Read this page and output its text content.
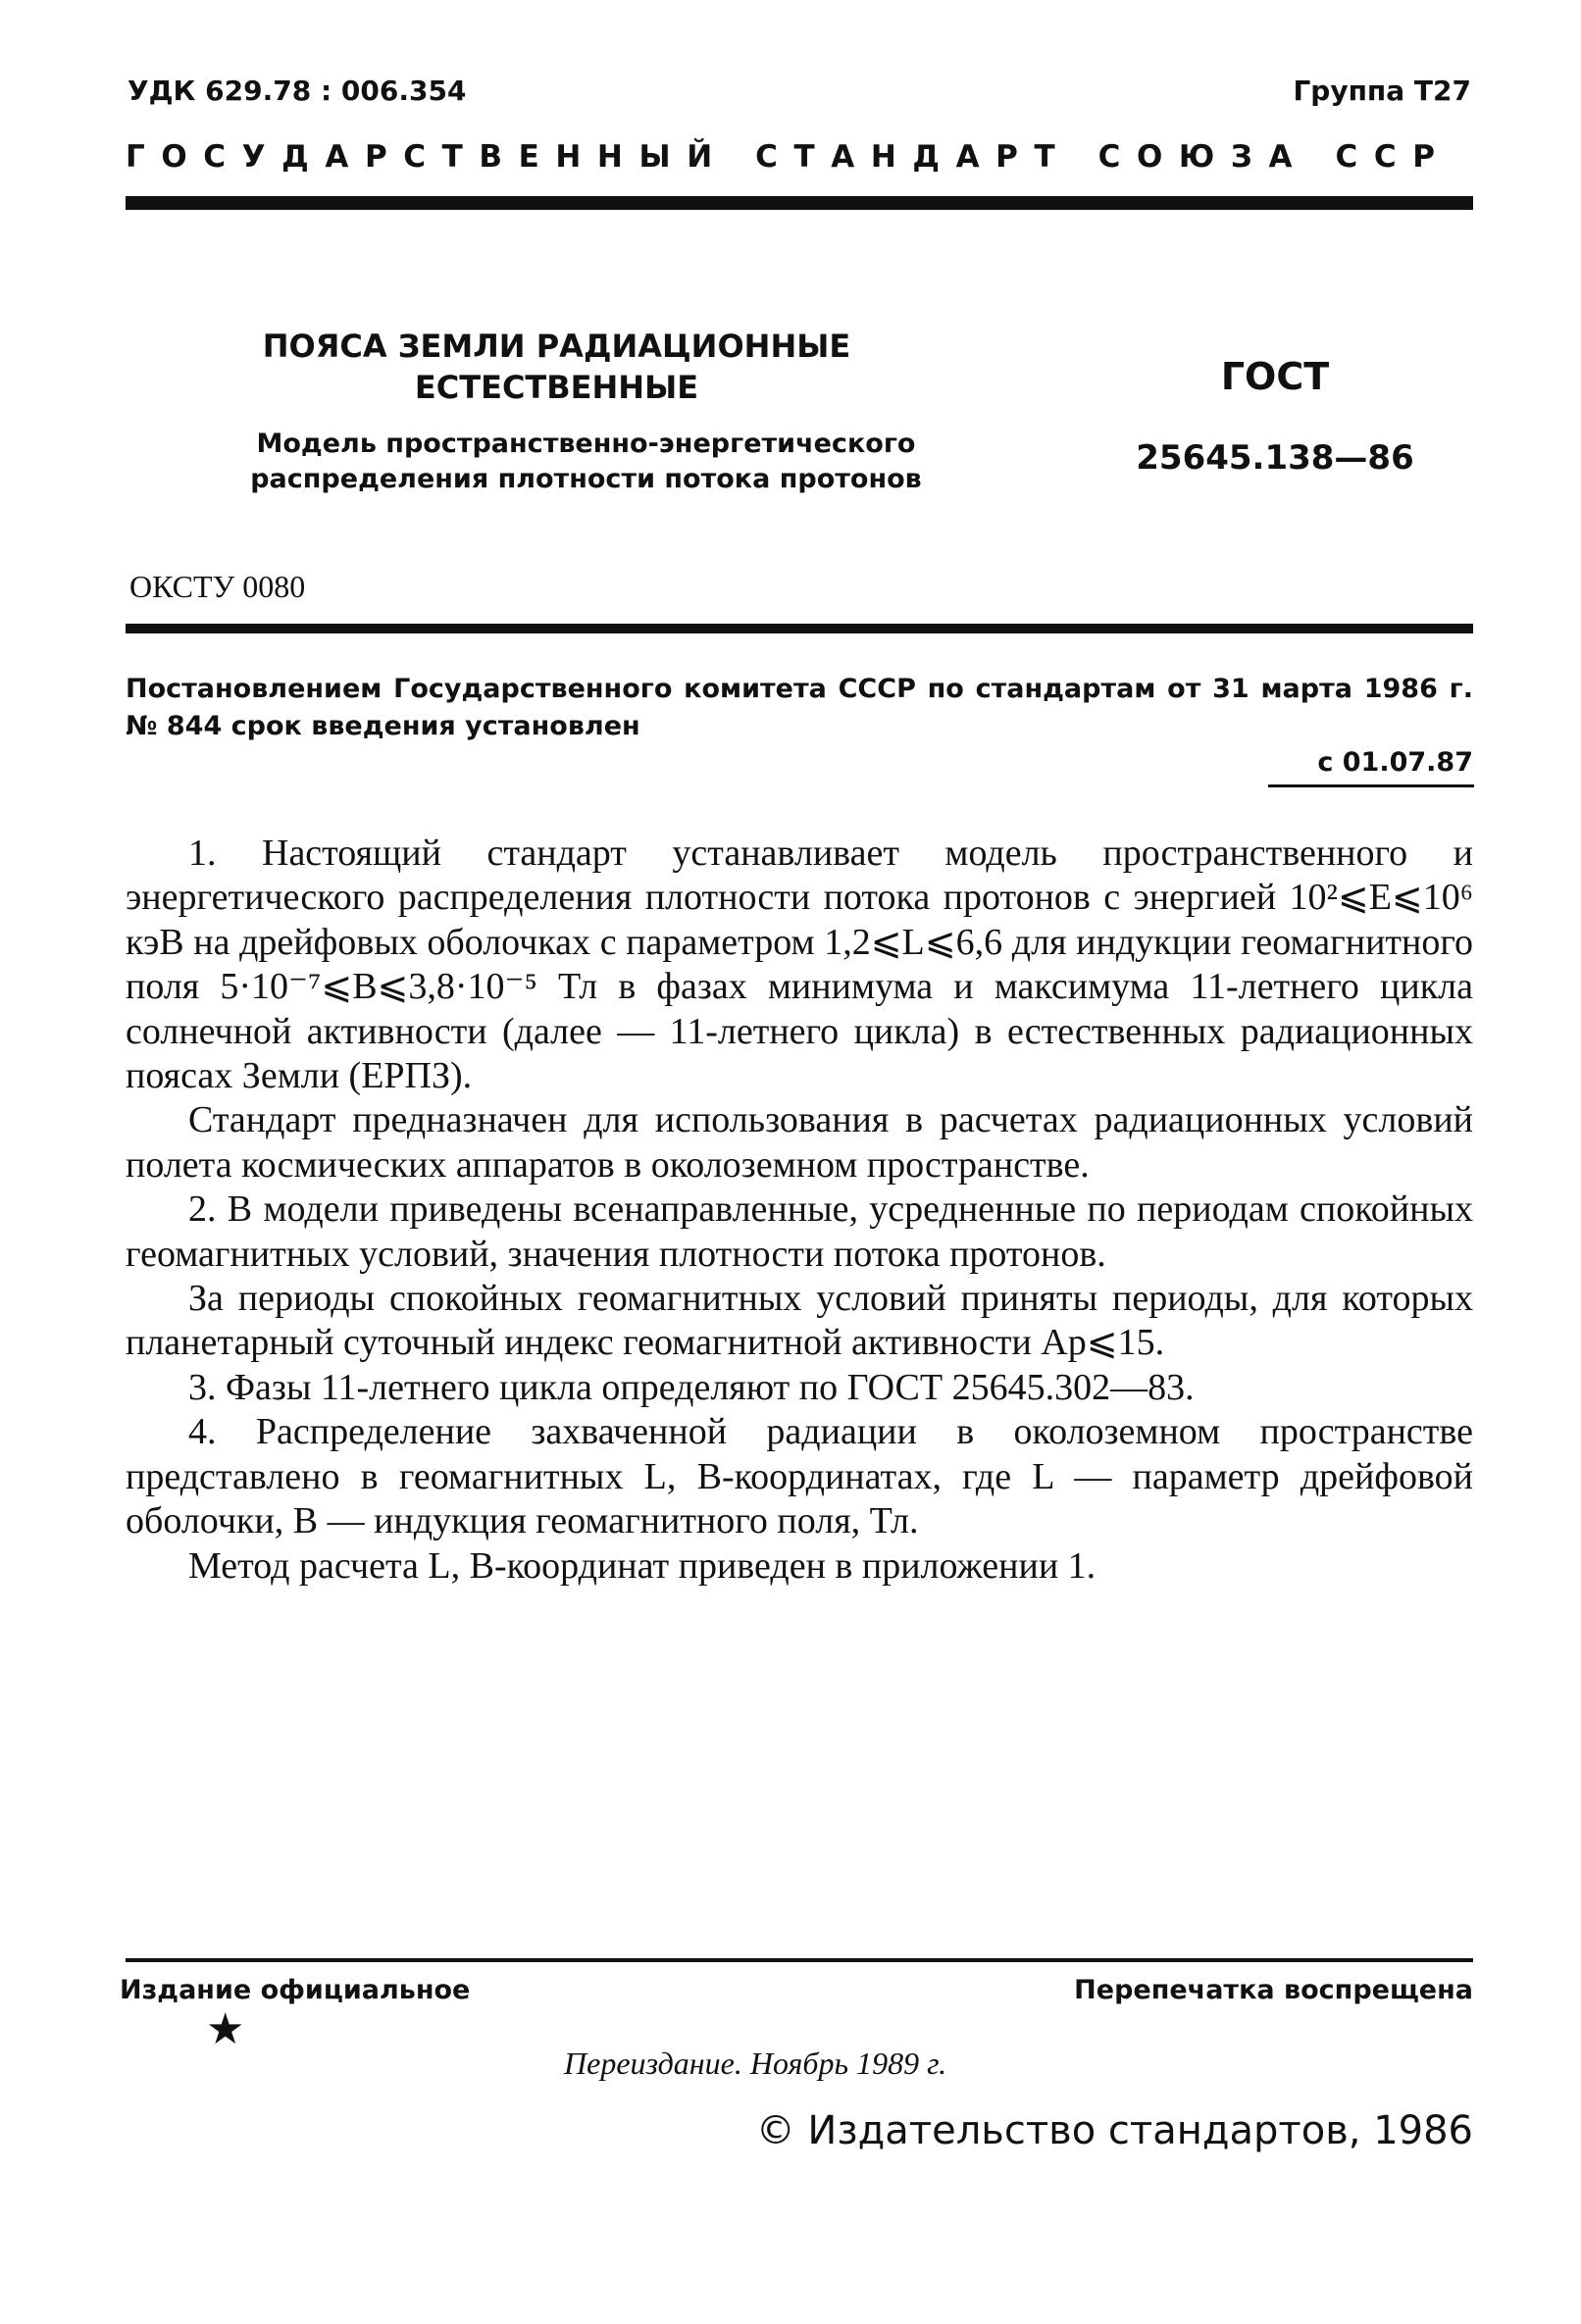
УДК 629.78 : 006.354	Группа Т27
ГОСУДАРСТВЕННЫЙ СТАНДАРТ СОЮЗА ССР
ПОЯСА ЗЕМЛИ РАДИАЦИОННЫЕ
ЕСТЕСТВЕННЫЕ
Модель пространственно-энергетического
распределения плотности потока протонов
ГОСТ
25645.138—86
ОКСТУ 0080
Постановлением Государственного комитета СССР по стандартам от 31 марта 1986 г. № 844 срок введения установлен
с 01.07.87

1. Настоящий стандарт устанавливает модель пространственного и энергетического распределения плотности потока протонов с энергией 10²⩽E⩽10⁶ кэВ на дрейфовых оболочках с параметром 1,2⩽L⩽6,6 для индукции геомагнитного поля 5·10⁻⁷⩽B⩽3,8·10⁻⁵ Тл в фазах минимума и максимума 11-летнего цикла солнечной активности (далее — 11-летнего цикла) в естественных радиационных поясах Земли (ЕРПЗ).

Стандарт предназначен для использования в расчетах радиационных условий полета космических аппаратов в околоземном пространстве.

2. В модели приведены всенаправленные, усредненные по периодам спокойных геомагнитных условий, значения плотности потока протонов.

За периоды спокойных геомагнитных условий приняты периоды, для которых планетарный суточный индекс геомагнитной активности Aр⩽15.

3. Фазы 11-летнего цикла определяют по ГОСТ 25645.302—83.

4. Распределение захваченной радиации в околоземном пространстве представлено в геомагнитных L, B-координатах, где L — параметр дрейфовой оболочки, B — индукция геомагнитного поля, Тл.

Метод расчета L, B-координат приведен в приложении 1.

Издание официальное
★
Перепечатка воспрещена
Переиздание. Ноябрь 1989 г.
© Издательство стандартов, 1986
